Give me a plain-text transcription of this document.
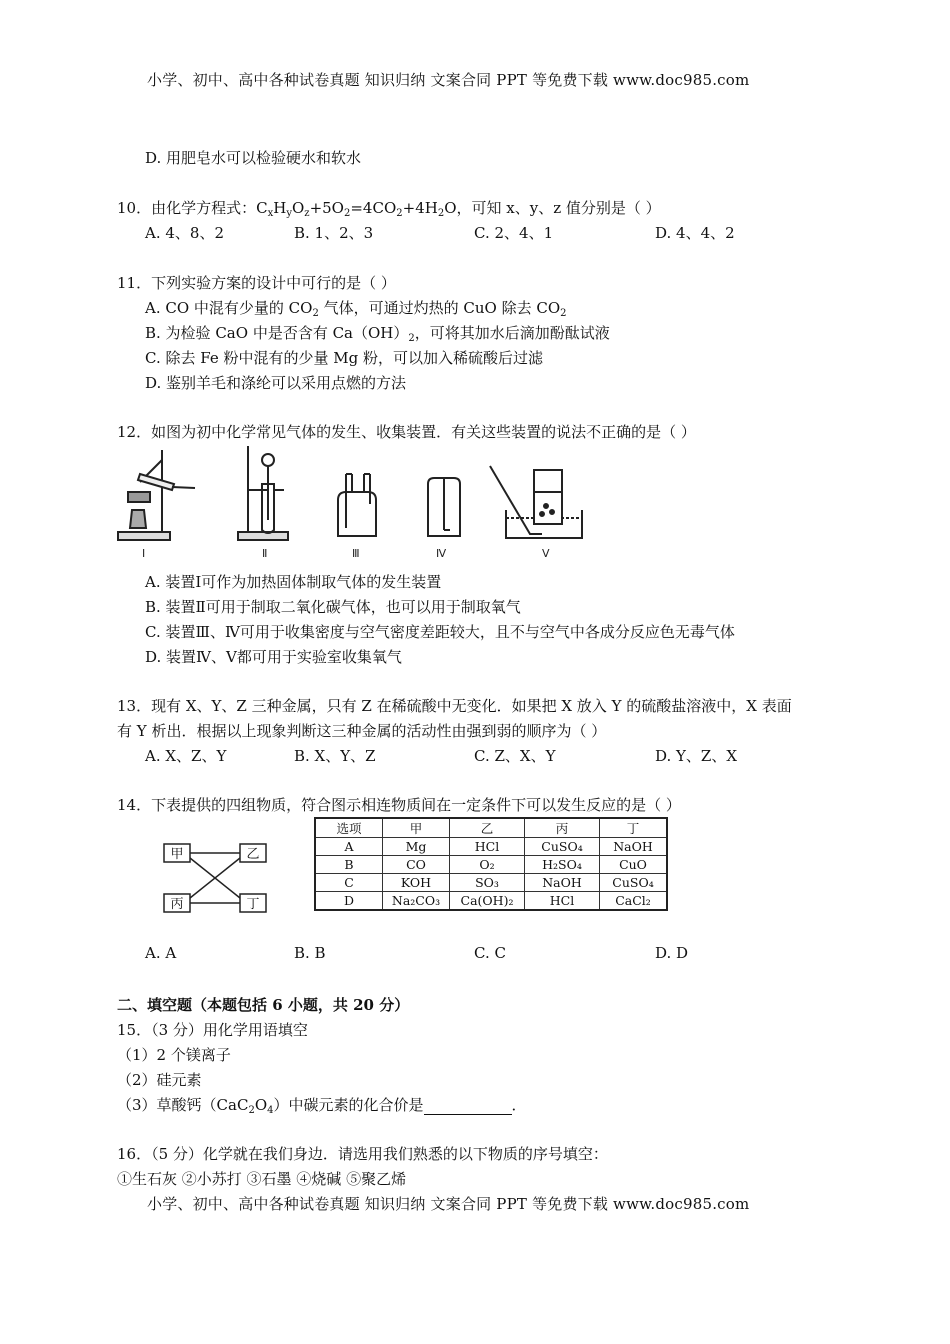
小学、初中、高中各种试卷真题 知识归纳 文案合同 PPT 等免费下载 www.doc985.com
D. 用肥皂水可以检验硬水和软水
10．由化学方程式：$C_xH_yO_z+5O_2=4CO_2+4H_2O$，可知 x、y、z 值分别是（ ）
A. 4、8、2	B. 1、2、3	C. 2、4、1	D. 4、4、2
11．下列实验方案的设计中可行的是（ ）
A. CO 中混有少量的 $CO_2$ 气体，可通过灼热的 CuO 除去 $CO_2$
B. 为检验 CaO 中是否含有 $Ca(OH)_2$，可将其加水后滴加酚酞试液
C. 除去 Fe 粉中混有的少量 Mg 粉，可以加入稀硫酸后过滤
D. 鉴别羊毛和涤纶可以采用点燃的方法
12．如图为初中化学常见气体的发生、收集装置．有关这些装置的说法不正确的是（ ）
Ⅰ	Ⅱ	Ⅲ	Ⅳ	Ⅴ
A. 装置Ⅰ可作为加热固体制取气体的发生装置
B. 装置Ⅱ可用于制取二氧化碳气体，也可以用于制取氧气
C. 装置Ⅲ、Ⅳ可用于收集密度与空气密度差距较大，且不与空气中各成分反应色无毒气体
D. 装置Ⅳ、Ⅴ都可用于实验室收集氧气
13．现有 X、Y、Z 三种金属，只有 Z 在稀硫酸中无变化．如果把 X 放入 Y 的硫酸盐溶液中，X 表面
有 Y 析出．根据以上现象判断这三种金属的活动性由强到弱的顺序为（ ）
A. X、Z、Y	B. X、Y、Z	C. Z、X、Y	D. Y、Z、X
14．下表提供的四组物质，符合图示相连物质间在一定条件下可以发生反应的是（ ）
甲	乙
丙	丁
选项	甲	乙	丙	丁
A	Mg	HCl	CuSO₄	NaOH
B	CO	O₂	H₂SO₄	CuO
C	KOH	SO₃	NaOH	CuSO₄
D	Na₂CO₃	Ca(OH)₂	HCl	CaCl₂
A. A	B. B	C. C	D. D
二、填空题（本题包括 6 小题，共 20 分）
15．（3 分）用化学用语填空
（1）2 个镁离子
（2）硅元素
（3）草酸钙$(CaC_2O_4)$中碳元素的化合价是	．
16．（5 分）化学就在我们身边．请选用我们熟悉的以下物质的序号填空：
①生石灰 ②小苏打 ③石墨 ④烧碱 ⑤聚乙烯
小学、初中、高中各种试卷真题 知识归纳 文案合同 PPT 等免费下载 www.doc985.com
